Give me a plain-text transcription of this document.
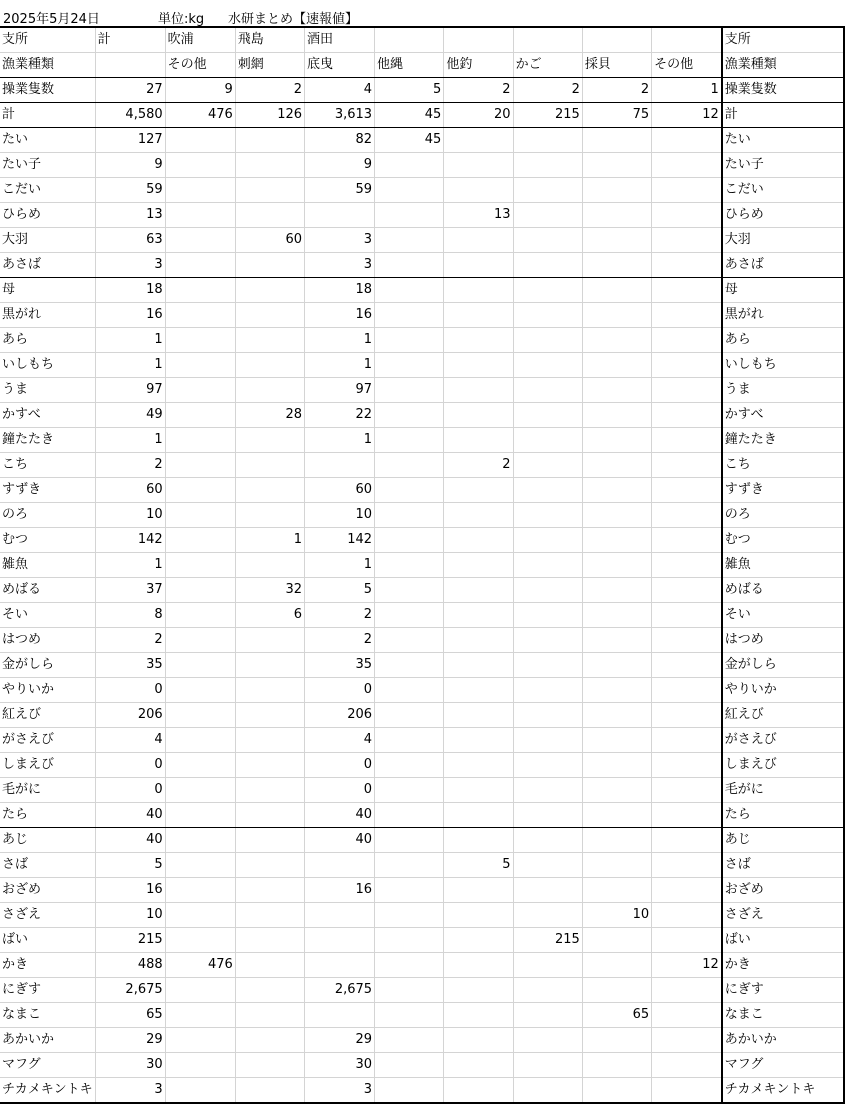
2025年5月24日	単位:kg 水研まとめ【速報値】
支所	計	吹浦	飛島	酒田						支所
漁業種類		その他	刺網	底曳	他縄	他釣	かご	採貝	その他	漁業種類
操業隻数	27	9	2	4	5	2	2	2	1	操業隻数
計	4,580	476	126	3,613	45	20	215	75	12	計
たい	127			82	45					たい
たい子	9			9						たい子
こだい	59			59						こだい
ひらめ	13					13				ひらめ
大羽	63		60	3						大羽
あさば	3			3						あさば
母	18			18						母
黒がれ	16			16						黒がれ
あら	1			1						あら
いしもち	1			1						いしもち
うま	97			97						うま
かすべ	49		28	22						かすべ
鐘たたき	1			1						鐘たたき
こち	2					2				こち
すずき	60			60						すずき
のろ	10			10						のろ
むつ	142		1	142						むつ
雑魚	1			1						雑魚
めばる	37		32	5						めばる
そい	8		6	2						そい
はつめ	2			2						はつめ
金がしら	35			35						金がしら
やりいか	0			0						やりいか
紅えび	206			206						紅えび
がさえび	4			4						がさえび
しまえび	0			0						しまえび
毛がに	0			0						毛がに
たら	40			40						たら
あじ	40			40						あじ
さば	5					5				さば
おざめ	16			16						おざめ
さざえ	10							10		さざえ
ばい	215						215			ばい
かき	488	476							12	かき
にぎす	2,675			2,675						にぎす
なまこ	65							65		なまこ
あかいか	29			29						あかいか
マフグ	30			30						マフグ
チカメキントキ	3			3						チカメキントキ
